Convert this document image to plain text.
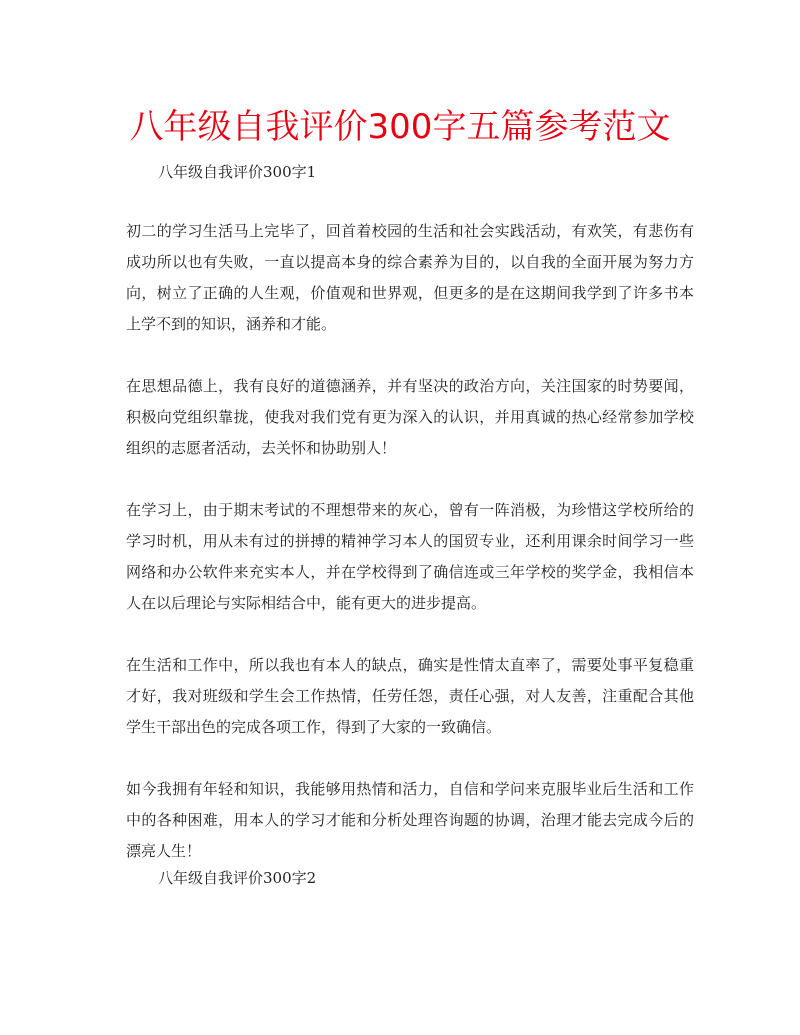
八年级自我评价300字五篇参考范文

八年级自我评价300字1

初二的学习生活马上完毕了，回首着校园的生活和社会实践活动，有欢笑，有悲伤有成功所以也有失败，一直以提高本身的综合素养为目的，以自我的全面开展为努力方向，树立了正确的人生观，价值观和世界观，但更多的是在这期间我学到了许多书本上学不到的知识，涵养和才能。

在思想品德上，我有良好的道德涵养，并有坚决的政治方向，关注国家的时势要闻，积极向党组织靠拢，使我对我们党有更为深入的认识，并用真诚的热心经常参加学校组织的志愿者活动，去关怀和协助别人！

在学习上，由于期末考试的不理想带来的灰心，曾有一阵消极，为珍惜这学校所给的学习时机，用从未有过的拼搏的精神学习本人的国贸专业，还利用课余时间学习一些网络和办公软件来充实本人，并在学校得到了确信连或三年学校的奖学金，我相信本人在以后理论与实际相结合中，能有更大的进步提高。

在生活和工作中，所以我也有本人的缺点，确实是性情太直率了，需要处事平复稳重才好，我对班级和学生会工作热情，任劳任怨，责任心强，对人友善，注重配合其他学生干部出色的完成各项工作，得到了大家的一致确信。

如今我拥有年轻和知识，我能够用热情和活力，自信和学问来克服毕业后生活和工作中的各种困难，用本人的学习才能和分析处理咨询题的协调，治理才能去完成今后的漂亮人生！

八年级自我评价300字2
